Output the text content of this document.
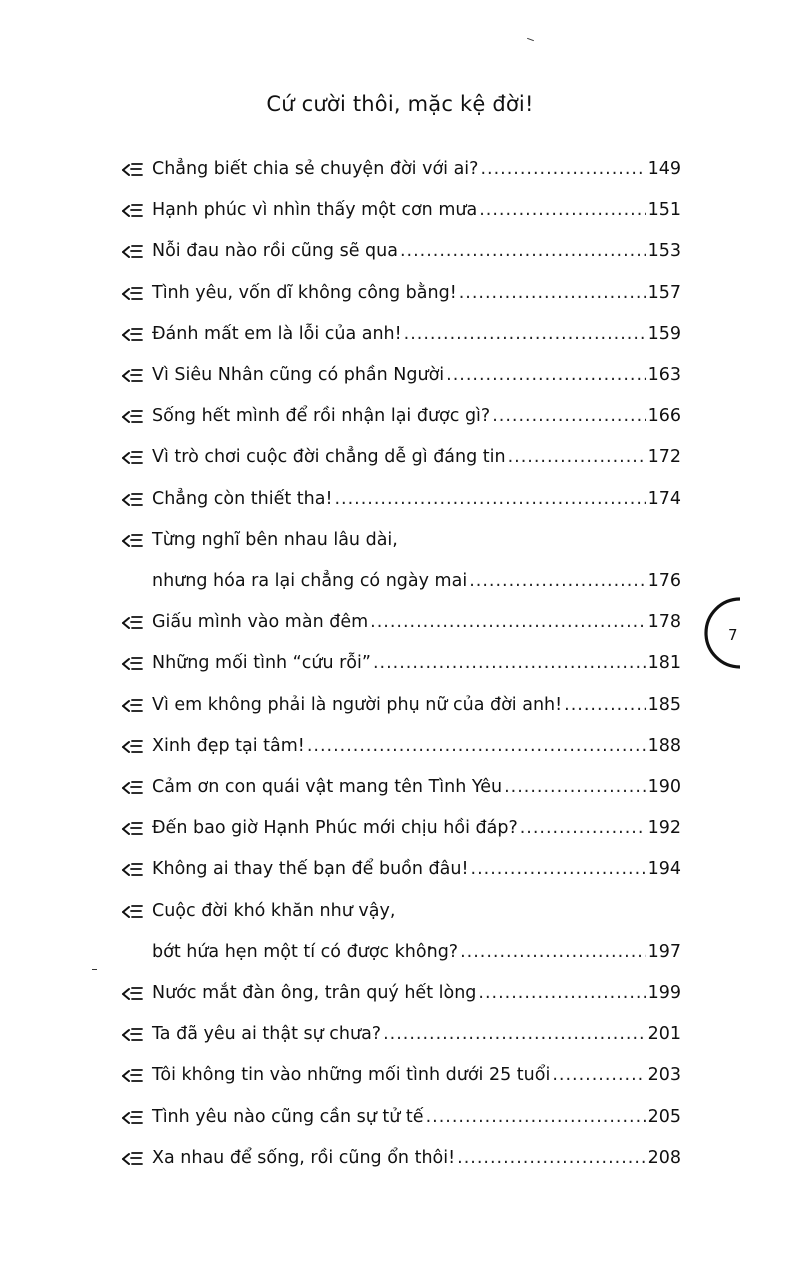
Cứ cười thôi, mặc kệ đời!
Chẳng biết chia sẻ chuyện đời với ai? .....	149
Hạnh phúc vì nhìn thấy một cơn mưa .....	151
Nỗi đau nào rồi cũng sẽ qua .....	153
Tình yêu, vốn dĩ không công bằng! .....	157
Đánh mất em là lỗi của anh! .....	159
Vì Siêu Nhân cũng có phần Người .....	163
Sống hết mình để rồi nhận lại được gì? .....	166
Vì trò chơi cuộc đời chẳng dễ gì đáng tin .....	172
Chẳng còn thiết tha! .....	174
Từng nghĩ bên nhau lâu dài,
nhưng hóa ra lại chẳng có ngày mai .....	176
Giấu mình vào màn đêm .....	178
Những mối tình “cứu rỗi” .....	181
Vì em không phải là người phụ nữ của đời anh! .....	185
Xinh đẹp tại tâm! .....	188
Cảm ơn con quái vật mang tên Tình Yêu .....	190
Đến bao giờ Hạnh Phúc mới chịu hồi đáp? .....	192
Không ai thay thế bạn để buồn đâu! .....	194
Cuộc đời khó khăn như vậy,
bớt hứa hẹn một tí có được không? .....	197
Nước mắt đàn ông, trân quý hết lòng .....	199
Ta đã yêu ai thật sự chưa? .....	201
Tôi không tin vào những mối tình dưới 25 tuổi .....	203
Tình yêu nào cũng cần sự tử tế .....	205
Xa nhau để sống, rồi cũng ổn thôi! .....	208
7
